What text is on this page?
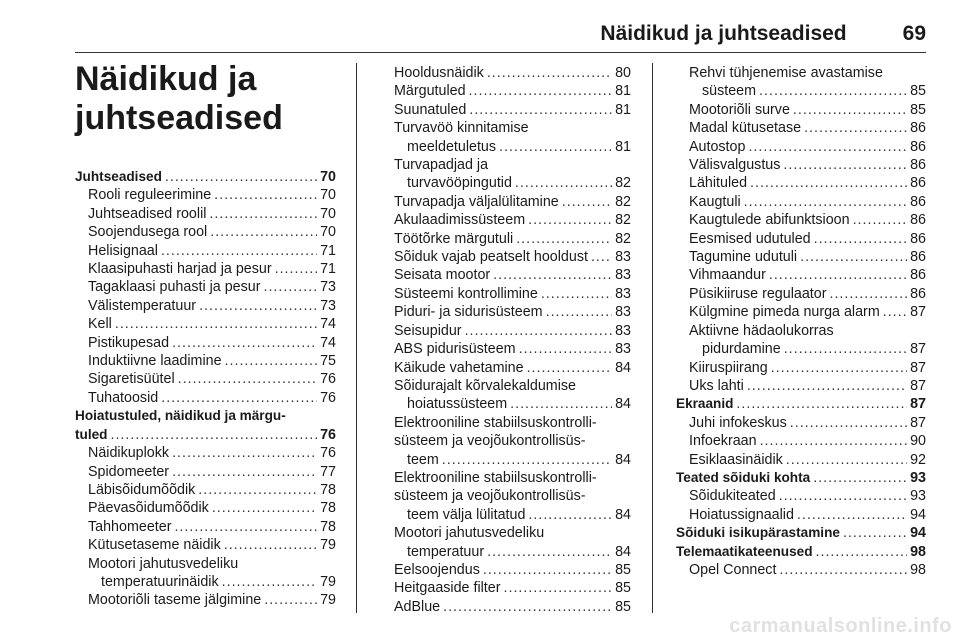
Näidikud ja juhtseadised	69
Näidikud ja
juhtseadised
Juhtseadised .....	70
Rooli reguleerimine .....	70
Juhtseadised roolil .....	70
Soojendusega rool .....	70
Helisignaal .....	71
Klaasipuhasti harjad ja pesur .....	71
Tagaklaasi puhasti ja pesur .....	73
Välistemperatuur .....	73
Kell .....	74
Pistikupesad .....	74
Induktiivne laadimine .....	75
Sigaretisüütel .....	76
Tuhatoosid .....	76
Hoiatustuled, näidikud ja märgu-
tuled .....	76
Näidikuplokk .....	76
Spidomeeter .....	77
Läbisõidumõõdik .....	78
Päevasõidumõõdik .....	78
Tahhomeeter .....	78
Kütusetaseme näidik .....	79
Mootori jahutusvedeliku
temperatuurinäidik .....	79
Mootoriõli taseme jälgimine .....	79
Hooldusnäidik .....	80
Märgutuled .....	81
Suunatuled .....	81
Turvavöö kinnitamise
meeldetuletus .....	81
Turvapadjad ja
turvavööpingutid .....	82
Turvapadja väljalülitamine .....	82
Akulaadimissüsteem .....	82
Töötõrke märgutuli .....	82
Sõiduk vajab peatselt hooldust ..... 83
Seisata mootor .....	83
Süsteemi kontrollimine .....	83
Piduri- ja sidurisüsteem .....	83
Seisupidur .....	83
ABS pidurisüsteem .....	83
Käikude vahetamine .....	84
Sõidurajalt kõrvalekaldumise
hoiatussüsteem .....	84
Elektrooniline stabiilsuskontrolli-
süsteem ja veojõukontrollisüs-
teem .....	84
Elektrooniline stabiilsuskontrolli-
süsteem ja veojõukontrollisüs-
teem välja lülitatud .....	84
Mootori jahutusvedeliku
temperatuur .....	84
Eelsoojendus .....	85
Heitgaaside filter .....	85
AdBlue .....	85
Rehvi tühjenemise avastamise
süsteem .....	85
Mootoriõli surve .....	85
Madal kütusetase .....	86
Autostop .....	86
Välisvalgustus .....	86
Lähituled .....	86
Kaugtuli .....	86
Kaugtulede abifunktsioon .....	86
Eesmised udutuled .....	86
Tagumine udutuli .....	86
Vihmaandur .....	86
Püsikiiruse regulaator .....	86
Külgmine pimeda nurga alarm ..... 87
Aktiivne hädaolukorras
pidurdamine .....	87
Kiiruspiirang .....	87
Uks lahti .....	87
Ekraanid .....	87
Juhi infokeskus .....	87
Infoekraan .....	90
Esiklaasinäidik .....	92
Teated sõiduki kohta .....	93
Sõidukiteated .....	93
Hoiatussignaalid .....	94
Sõiduki isikupärastamine .....	94
Telemaatikateenused .....	98
Opel Connect .....	98
carmanualsonline.info
